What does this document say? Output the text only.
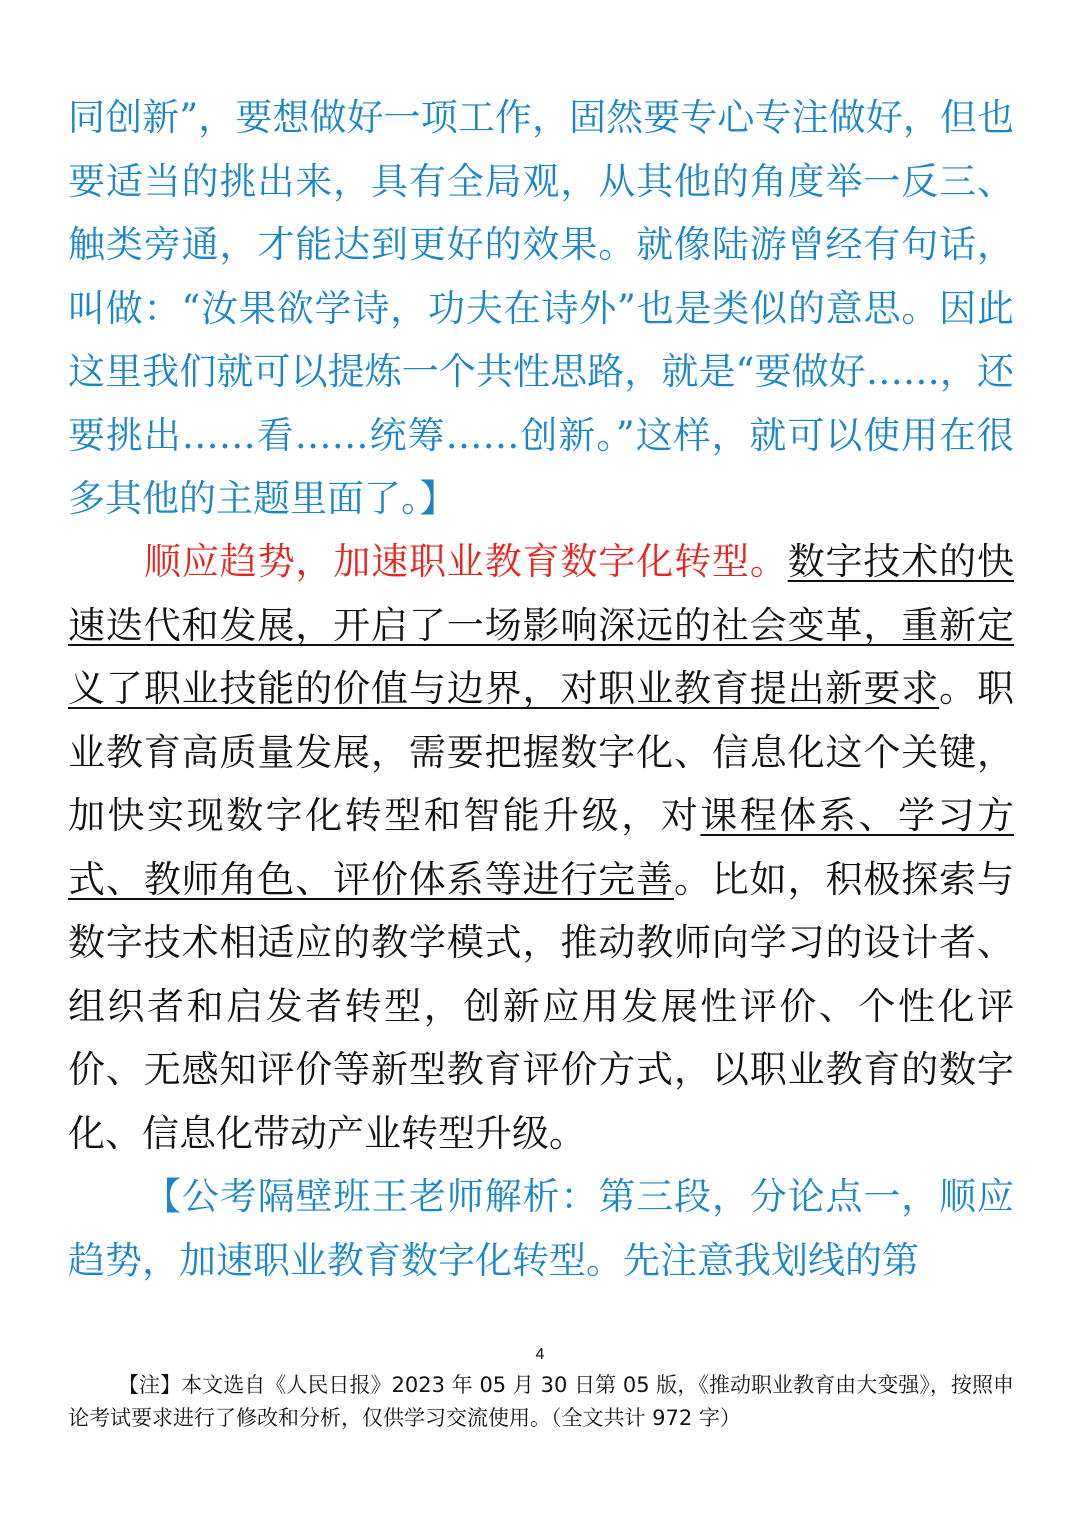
同创新”，要想做好一项工作，固然要专心专注做好，但也要适当的挑出来，具有全局观，从其他的角度举一反三、触类旁通，才能达到更好的效果。就像陆游曾经有句话，叫做：“汝果欲学诗，功夫在诗外”也是类似的意思。因此这里我们就可以提炼一个共性思路，就是“要做好……，还要挑出……看……统筹……创新。”这样，就可以使用在很多其他的主题里面了。】

顺应趋势，加速职业教育数字化转型。数字技术的快速迭代和发展，开启了一场影响深远的社会变革，重新定义了职业技能的价值与边界，对职业教育提出新要求。职业教育高质量发展，需要把握数字化、信息化这个关键，加快实现数字化转型和智能升级，对课程体系、学习方式、教师角色、评价体系等进行完善。比如，积极探索与数字技术相适应的教学模式，推动教师向学习的设计者、组织者和启发者转型，创新应用发展性评价、个性化评价、无感知评价等新型教育评价方式，以职业教育的数字化、信息化带动产业转型升级。

【公考隔壁班王老师解析：第三段，分论点一，顺应趋势，加速职业教育数字化转型。先注意我划线的第

4

【注】本文选自《人民日报》2023 年 05 月 30 日第 05 版，《推动职业教育由大变强》，按照申论考试要求进行了修改和分析，仅供学习交流使用。（全文共计 972 字）
